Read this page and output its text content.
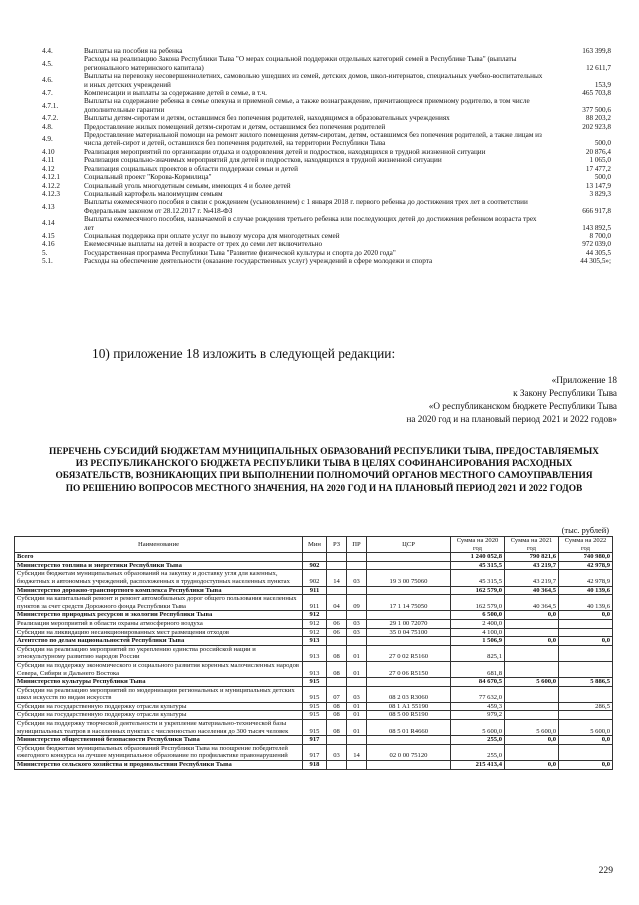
4.4.	Выплаты на пособия на ребенка	163 399,8
4.5.	Расходы на реализацию Закона Республики Тыва "О мерах социальной поддержки отдельных категорий семей в Республике Тыва" (выплаты регионального материнского капитала)	12 611,7
4.6.	Выплаты на перевозку несовершеннолетних, самовольно ушедших из семей, детских домов, школ-интернатов, специальных учебно-воспитательных и иных детских учреждений	153,9
4.7.	Компенсации и выплаты за содержание детей в семье, в т.ч.	465 703,8
4.7.1.	Выплаты на содержание ребенка в семье опекуна и приемной семье, а также вознаграждение, причитающееся приемному родителю, в том числе дополнительные гарантии	377 500,6
4.7.2.	Выплаты детям-сиротам и детям, оставшимся без попечения родителей, находящимся в образовательных учреждениях	88 203,2
4.8.	Предоставление жилых помещений детям-сиротам и детям, оставшимся без попечения родителей	202 923,8
4.9.	Предоставление материальной помощи на ремонт жилого помещения детям-сиротам, детям, оставшимся без попечения родителей, а также лицам из числа детей-сирот и детей, оставшихся без попечения родителей, на территории Республики Тыва	500,0
4.10	Реализация мероприятий по организации отдыха и оздоровления детей и подростков, находящихся в трудной жизненной ситуации	20 876,4
4.11	Реализация социально-значимых мероприятий для детей и подростков, находящихся в трудной жизненной ситуации	1 065,0
4.12	Реализация социальных проектов в области поддержки семьи и детей	17 477,2
4.12.1	Социальный проект "Корова-Кормилица"	500,0
4.12.2	Социальный уголь многодетным семьям, имеющих 4 и более детей	13 147,9
4.12.3	Социальный картофель малоимущим семьям	3 829,3
4.13	Выплаты ежемесячного пособия в связи с рождением (усыновлением) с 1 января 2018 г. первого ребенка до достижения трех лет в соответствии Федеральным законом от 28.12.2017 г. №418-ФЗ	666 917,8
4.14	Выплаты ежемесячного пособия, назначаемой в случае рождения третьего ребенка или последующих детей до достижения ребенком возраста трех лет	143 892,5
4.15	Социальная поддержка при оплате услуг по вывозу мусора для многодетных семей	8 700,0
4.16	Ежемесячные выплаты на детей в возрасте от трех до семи лет включительно	972 039,0
5.	Государственная программа Республики Тыва "Развитие физической культуры и спорта до 2020 года"	44 305,5
5.1.	Расходы на обеспечение деятельности (оказание государственных услуг) учреждений в сфере молодежи и спорта	44 305,5»;
10) приложение 18 изложить в следующей редакции:
«Приложение 18
к Закону Республики Тыва
«О республиканском бюджете Республики Тыва
на 2020 год и на плановый период 2021 и 2022 годов»
ПЕРЕЧЕНЬ СУБСИДИЙ БЮДЖЕТАМ МУНИЦИПАЛЬНЫХ ОБРАЗОВАНИЙ РЕСПУБЛИКИ ТЫВА, ПРЕДОСТАВЛЯЕМЫХ ИЗ РЕСПУБЛИКАНСКОГО БЮДЖЕТА РЕСПУБЛИКИ ТЫВА В ЦЕЛЯХ СОФИНАНСИРОВАНИЯ РАСХОДНЫХ ОБЯЗАТЕЛЬСТВ, ВОЗНИКАЮЩИХ ПРИ ВЫПОЛНЕНИИ ПОЛНОМОЧИЙ ОРГАНОВ МЕСТНОГО САМОУПРАВЛЕНИЯ ПО РЕШЕНИЮ ВОПРОСОВ МЕСТНОГО ЗНАЧЕНИЯ, НА 2020 ГОД И НА ПЛАНОВЫЙ ПЕРИОД 2021 И 2022 ГОДОВ
(тыс. рублей)
Наименование	Мин	РЗ	ПР	ЦСР	Сумма на 2020 год	Сумма на 2021 год	Сумма на 2022 год
Всего					1 240 052,8	790 821,6	740 980,0
Министерство топлива и энергетики Республики Тыва	902				45 315,5	43 219,7	42 978,9
Субсидии бюджетам муниципальных образований на закупку и доставку угля для казенных, бюджетных и автономных учреждений, расположенных в труднодоступных населенных пунктах	902	14	03	19 3 00 75060	45 315,5	43 219,7	42 978,9
Министерство дорожно-транспортного комплекса Республики Тыва	911				162 579,0	40 364,5	40 139,6
Субсидии на капитальный ремонт и ремонт автомобильных дорог общего пользования населенных пунктов за счет средств Дорожного фонда Республики Тыва	911	04	09	17 1 14 75050	162 579,0	40 364,5	40 139,6
Министерство природных ресурсов и экологии Республики Тыва	912				6 500,0	0,0	0,0
Реализация мероприятий в области охраны атмосферного воздуха	912	06	03	29 1 00 72070	2 400,0		
Субсидии на ликвидацию несанкционированных мест размещения отходов	912	06	03	35 0 04 75100	4 100,0		
Агентство по делам национальностей Республики Тыва	913				1 506,9	0,0	0,0
Субсидии на реализацию мероприятий по укреплению единства российской нации и этнокультурному развитию народов России	913	08	01	27 0 02 R5160	825,1		
Субсидии на поддержку экономического и социального развития коренных малочисленных народов Севера, Сибири и Дальнего Востока	913	08	01	27 0 06 R5150	681,8		
Министерство культуры Республики Тыва	915				84 670,5	5 600,0	5 886,5
Субсидии на реализацию мероприятий по модернизации региональных и муниципальных детских школ искусств по видам искусств	915	07	03	08 2 03 R3060	77 632,0		
Субсидии на государственную поддержку отрасли культуры	915	08	01	08 1 А1 55190	459,3		286,5
Субсидии на государственную поддержку отрасли культуры	915	08	01	08 5 00 R5190	979,2		
Субсидии на поддержку творческой деятельности и укрепление материально-технической базы муниципальных театров в населенных пунктах с численностью населения до 300 тысяч человек	915	08	01	08 5 01 R4660	5 600,0	5 600,0	5 600,0
Министерство общественной безопасности Республики Тыва	917				255,0	0,0	0,0
Субсидии бюджетам муниципальных образований Республики Тыва на поощрение победителей ежегодного конкурса на лучшее муниципальное образование по профилактике правонарушений	917	03	14	02 0 00 75120	255,0		
Министерство сельского хозяйства и продовольствия Республики Тыва	918				215 413,4	0,0	0,0
229
